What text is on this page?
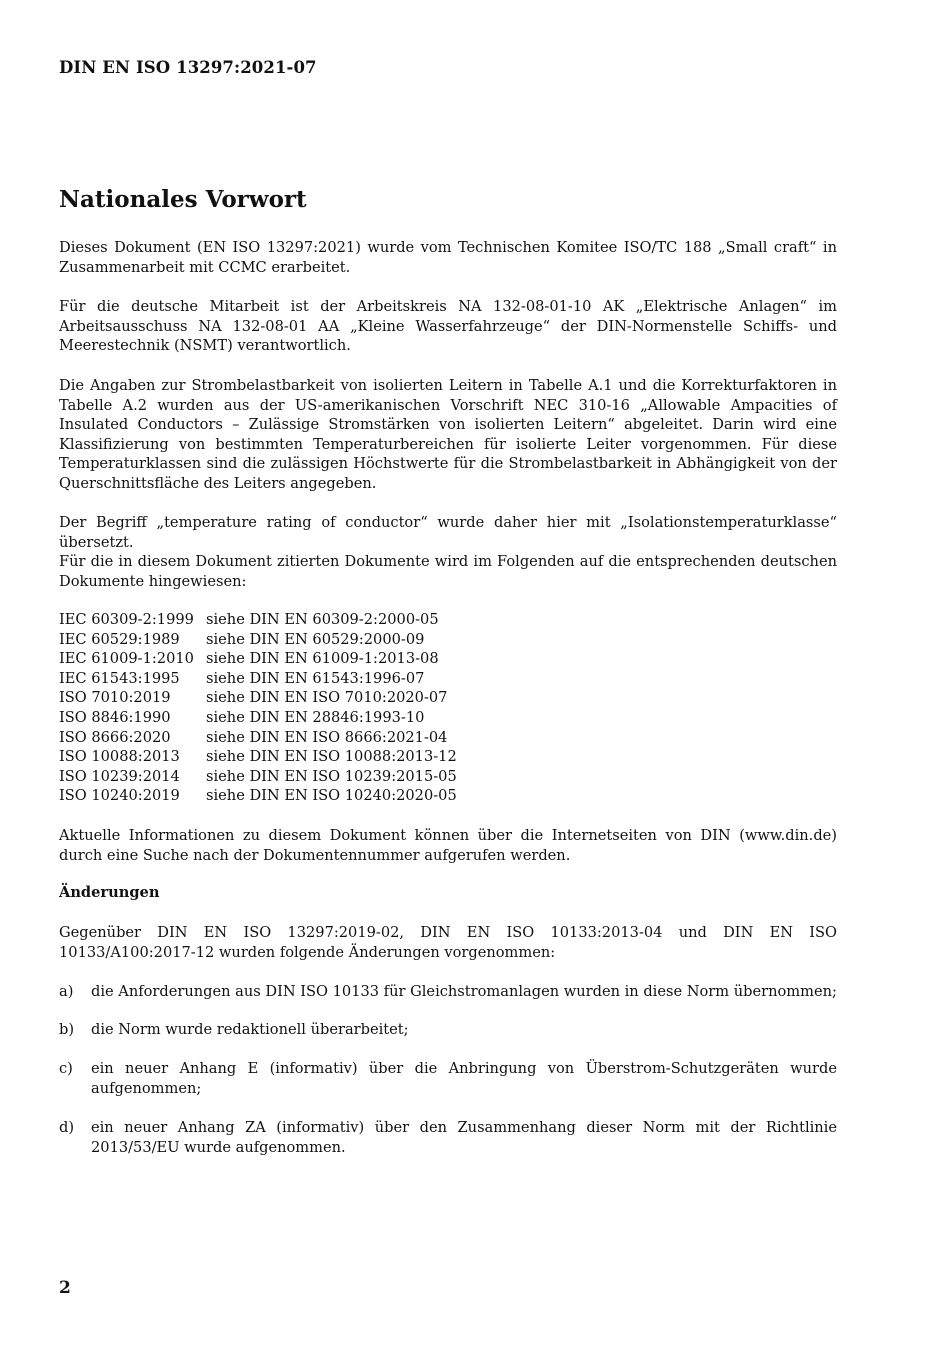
DIN EN ISO 13297:2021-07
Nationales Vorwort

Dieses Dokument (EN ISO 13297:2021) wurde vom Technischen Komitee ISO/TC 188 „Small craft“ in Zusammenarbeit mit CCMC erarbeitet.

Für die deutsche Mitarbeit ist der Arbeitskreis NA 132-08-01-10 AK „Elektrische Anlagen“ im Arbeitsausschuss NA 132-08-01 AA „Kleine Wasserfahrzeuge“ der DIN-Normenstelle Schiffs- und Meerestechnik (NSMT) verantwortlich.

Die Angaben zur Strombelastbarkeit von isolierten Leitern in Tabelle A.1 und die Korrekturfaktoren in Tabelle A.2 wurden aus der US-amerikanischen Vorschrift NEC 310-16 „Allowable Ampacities of Insulated Conductors – Zulässige Stromstärken von isolierten Leitern“ abgeleitet. Darin wird eine Klassifizierung von bestimmten Temperaturbereichen für isolierte Leiter vorgenommen. Für diese Temperaturklassen sind die zulässigen Höchstwerte für die Strombelastbarkeit in Abhängigkeit von der Querschnittsfläche des Leiters angegeben.

Der Begriff „temperature rating of conductor“ wurde daher hier mit „Isolationstemperaturklasse“ übersetzt.

Für die in diesem Dokument zitierten Dokumente wird im Folgenden auf die entsprechenden deutschen Dokumente hingewiesen:

IEC 60309-2:1999	siehe DIN EN 60309-2:2000-05
IEC 60529:1989	siehe DIN EN 60529:2000-09
IEC 61009-1:2010	siehe DIN EN 61009-1:2013-08
IEC 61543:1995	siehe DIN EN 61543:1996-07
ISO 7010:2019	siehe DIN EN ISO 7010:2020-07
ISO 8846:1990	siehe DIN EN 28846:1993-10
ISO 8666:2020	siehe DIN EN ISO 8666:2021-04
ISO 10088:2013	siehe DIN EN ISO 10088:2013-12
ISO 10239:2014	siehe DIN EN ISO 10239:2015-05
ISO 10240:2019	siehe DIN EN ISO 10240:2020-05

Aktuelle Informationen zu diesem Dokument können über die Internetseiten von DIN (www.din.de) durch eine Suche nach der Dokumentennummer aufgerufen werden.

Änderungen

Gegenüber DIN EN ISO 13297:2019-02, DIN EN ISO 10133:2013-04 und DIN EN ISO 10133/A100:2017-12 wurden folgende Änderungen vorgenommen:

a) die Anforderungen aus DIN ISO 10133 für Gleichstromanlagen wurden in diese Norm übernommen;
b) die Norm wurde redaktionell überarbeitet;
c) ein neuer Anhang E (informativ) über die Anbringung von Überstrom-Schutzgeräten wurde aufgenommen;
d) ein neuer Anhang ZA (informativ) über den Zusammenhang dieser Norm mit der Richtlinie 2013/53/EU wurde aufgenommen.
2
